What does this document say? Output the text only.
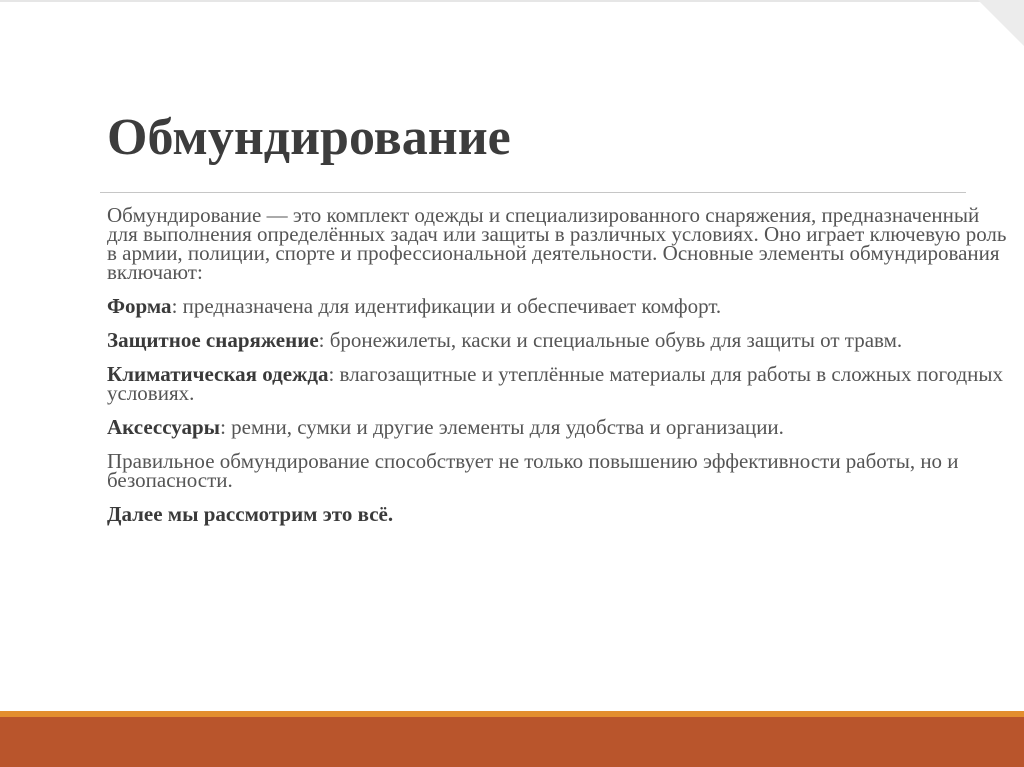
Обмундирование

Обмундирование — это комплект одежды и специализированного снаряжения, предназначенный для выполнения определённых задач или защиты в различных условиях. Оно играет ключевую роль в армии, полиции, спорте и профессиональной деятельности. Основные элементы обмундирования включают:

Форма: предназначена для идентификации и обеспечивает комфорт.

Защитное снаряжение: бронежилеты, каски и специальные обувь для защиты от травм.

Климатическая одежда: влагозащитные и утеплённые материалы для работы в сложных погодных условиях.

Аксессуары: ремни, сумки и другие элементы для удобства и организации.

Правильное обмундирование способствует не только повышению эффективности работы, но и безопасности.

Далее мы рассмотрим это всё.
